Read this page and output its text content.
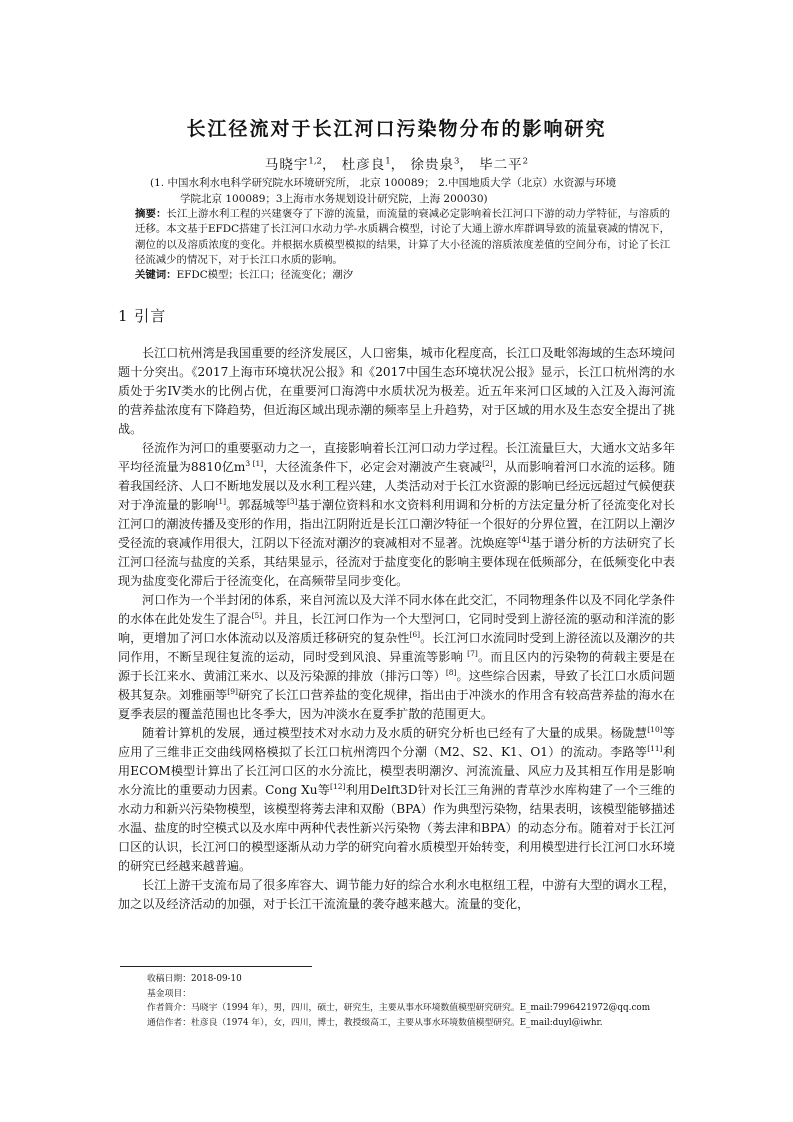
长江径流对于长江河口污染物分布的影响研究
马晓宇$^{1,2}$， 杜彦良$^1$， 徐贵泉$^3$， 毕二平$^2$
(1. 中国水利水电科学研究院水环境研究所， 北京 100089； 2.中国地质大学（北京）水资源与环境
学院北京 100089；3上海市水务规划设计研究院，上海 200030)
摘要：长江上游水利工程的兴建褒夺了下游的流量，而流量的衰减必定影响着长江河口下游的动力学特征，与溶质的迁移。本文基于EFDC搭建了长江河口水动力学-水质耦合模型，讨论了大通上游水库群调导致的流量衰减的情况下，潮位的以及溶质浓度的变化。并根据水质模型模拟的结果，计算了大小径流的溶质浓度差值的空间分布，讨论了长江径流减少的情况下，对于长江口水质的影响。
关键词：EFDC模型；长江口；径流变化；潮汐
1 引言

长江口杭州湾是我国重要的经济发展区，人口密集，城市化程度高，长江口及毗邻海域的生态环境问题十分突出。《2017上海市环境状况公报》和《2017中国生态环境状况公报》显示，长江口杭州湾的水质处于劣IV类水的比例占优，在重要河口海湾中水质状况为极差。近五年来河口区域的入江及入海河流的营养盐浓度有下降趋势，但近海区域出现赤潮的频率呈上升趋势，对于区域的用水及生态安全提出了挑战。

径流作为河口的重要驱动力之一，直接影响着长江河口动力学过程。长江流量巨大，大通水文站多年平均径流量为8810亿$m^{3 [1]}$，大径流条件下，必定会对潮波产生衰减[2]，从而影响着河口水流的运移。随着我国经济、人口不断地发展以及水利工程兴建，人类活动对于长江水资源的影响已经远远超过气候便获对于净流量的影响[1]。郭磊城等[3]基于潮位资料和水文资料利用调和分析的方法定量分析了径流变化对长江河口的潮波传播及变形的作用，指出江阴附近是长江口潮汐特征一个很好的分界位置，在江阴以上潮汐受径流的衰减作用很大，江阴以下径流对潮汐的衰减相对不显著。沈焕庭等[4]基于谱分析的方法研究了长江河口径流与盐度的关系，其结果显示，径流对于盐度变化的影响主要体现在低频部分，在低频变化中表现为盐度变化滞后于径流变化，在高频带呈同步变化。

河口作为一个半封闭的体系，来自河流以及大洋不同水体在此交汇，不同物理条件以及不同化学条件的水体在此处发生了混合[5]。并且，长江河口作为一个大型河口，它同时受到上游径流的驱动和洋流的影响，更增加了河口水体流动以及溶质迁移研究的复杂性[6]。长江河口水流同时受到上游径流以及潮汐的共同作用，不断呈现往复流的运动，同时受到风浪、异重流等影响 [7]。而且区内的污染物的荷载主要是在源于长江来水、黄浦江来水、以及污染源的排放（排污口等）[8]。这些综合因素，导致了长江口水质问题极其复杂。刘雅丽等[9]研究了长江口营养盐的变化规律，指出由于冲淡水的作用含有较高营养盐的海水在夏季表层的覆盖范围也比冬季大，因为冲淡水在夏季扩散的范围更大。

随着计算机的发展，通过模型技术对水动力及水质的研究分析也已经有了大量的成果。杨陇慧[10]等应用了三维非正交曲线网格模拟了长江口杭州湾四个分潮（M2、S2、K1、O1）的流动。李路等[11]利用ECOM模型计算出了长江河口区的水分流比，模型表明潮汐、河流流量、风应力及其相互作用是影响水分流比的重要动力因素。Cong Xu等[12]利用Delft3D针对长江三角洲的青草沙水库构建了一个三维的水动力和新兴污染物模型，该模型将莠去津和双酚（BPA）作为典型污染物，结果表明，该模型能够描述水温、盐度的时空模式以及水库中两种代表性新兴污染物（莠去津和BPA）的动态分布。随着对于长江河口区的认识，长江河口的模型逐渐从动力学的研究向着水质模型开始转变，利用模型进行长江河口水环境的研究已经越来越普遍。

长江上游干支流布局了很多库容大、调节能力好的综合水利水电枢纽工程，中游有大型的调水工程，加之以及经济活动的加强，对于长江干流流量的袭夺越来越大。流量的变化，

收稿日期：2018-09-10
基金项目：
作者简介：马晓宇（1994 年），男，四川，硕士，研究生，主要从事水环境数值模型研究研究。E_mail:7996421972@qq.com
通信作者：杜彦良（1974 年），女，四川，博士，教授级高工，主要从事水环境数值模型研究。E_mail:duyl@iwhr.
